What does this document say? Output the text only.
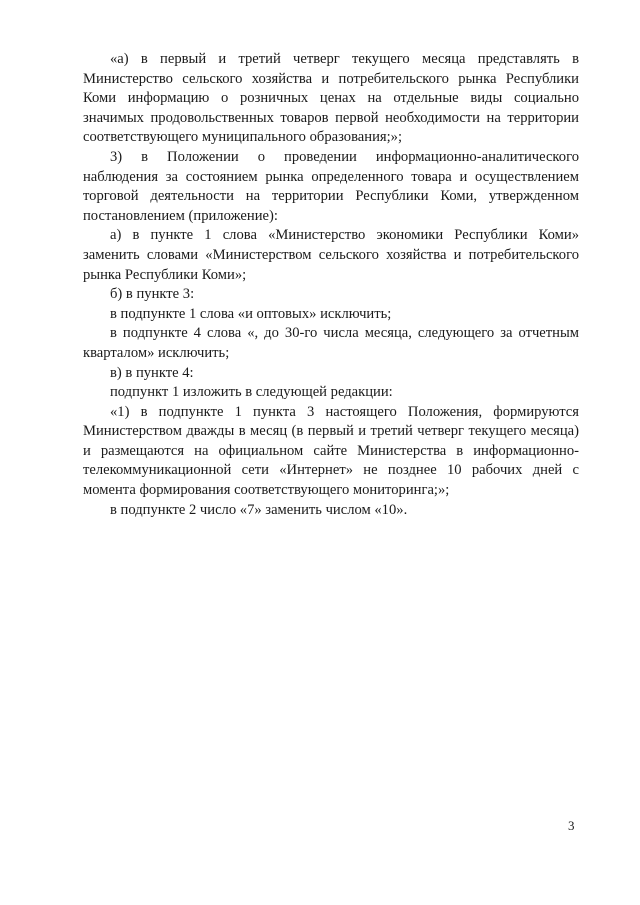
«а) в первый и третий четверг текущего месяца представлять в Министерство сельского хозяйства и потребительского рынка Республики Коми информацию о розничных ценах на отдельные виды социально значимых продовольственных товаров первой необходимости на территории соответствующего муниципального образования;»;

3) в Положении о проведении информационно-аналитического наблюдения за состоянием рынка определенного товара и осуществлением торговой деятельности на территории Республики Коми, утвержденном постановлением (приложение):

а) в пункте 1 слова «Министерство экономики Республики Коми» заменить словами «Министерством сельского хозяйства и потребительского рынка Республики Коми»;

б) в пункте 3:

в подпункте 1 слова «и оптовых» исключить;

в подпункте 4 слова «, до 30-го числа месяца, следующего за отчетным кварталом» исключить;

в) в пункте 4:

подпункт 1 изложить в следующей редакции:

«1) в подпункте 1 пункта 3 настоящего Положения, формируются Министерством дважды в месяц (в первый и третий четверг текущего месяца) и размещаются на официальном сайте Министерства в информационно-телекоммуникационной сети «Интернет» не позднее 10 рабочих дней с момента формирования соответствующего мониторинга;»;

в подпункте 2 число «7» заменить числом «10».

3
